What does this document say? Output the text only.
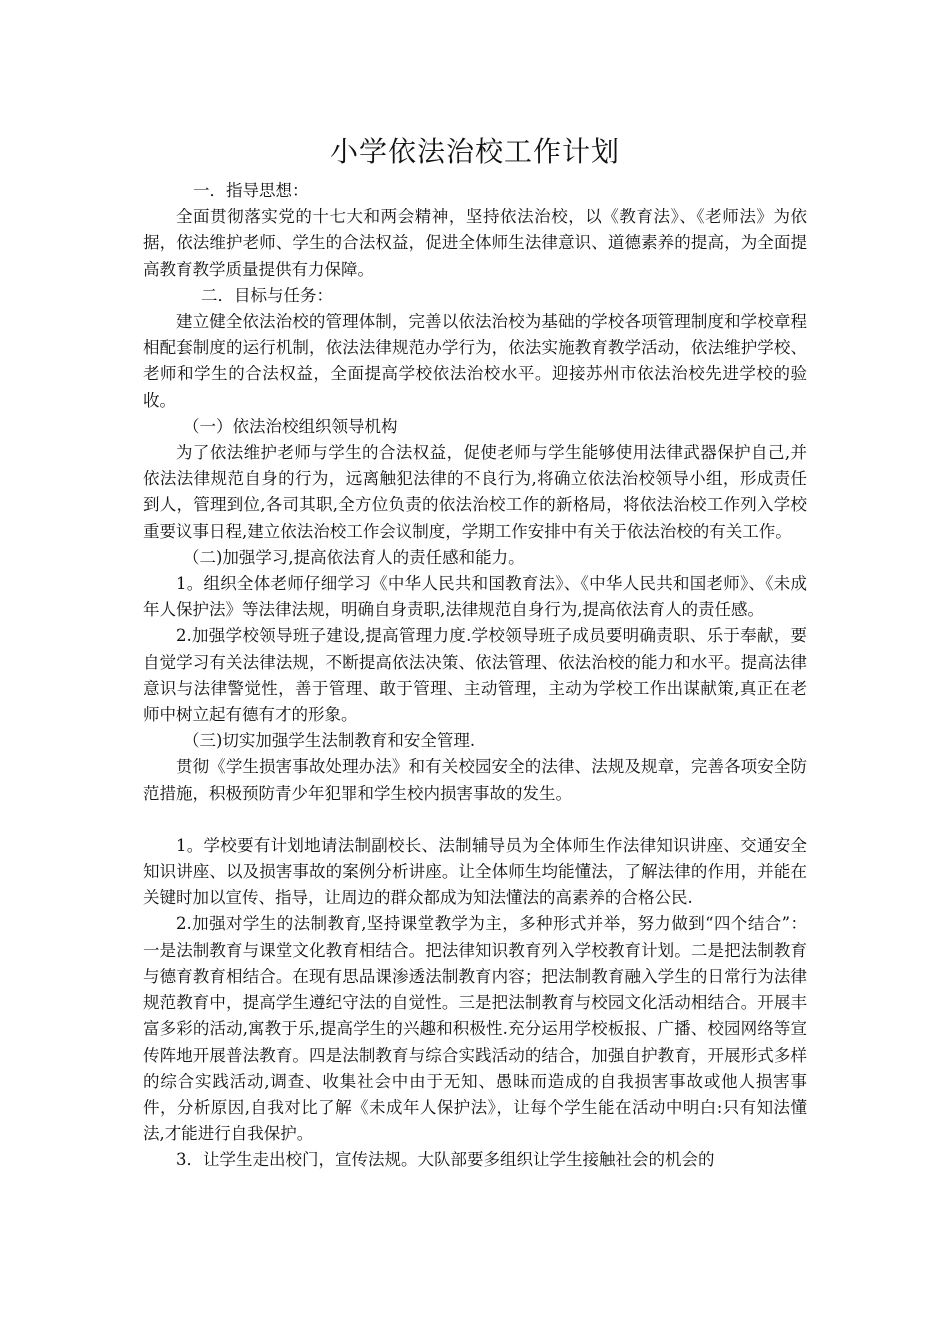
小学依法治校工作计划

一．指导思想：

全面贯彻落实党的十七大和两会精神，坚持依法治校，以《教育法》、《老师法》为依据，依法维护老师、学生的合法权益，促进全体师生法律意识、道德素养的提高，为全面提高教育教学质量提供有力保障。

二．目标与任务：

建立健全依法治校的管理体制，完善以依法治校为基础的学校各项管理制度和学校章程相配套制度的运行机制，依法法律规范办学行为，依法实施教育教学活动，依法维护学校、老师和学生的合法权益，全面提高学校依法治校水平。迎接苏州市依法治校先进学校的验收。

（一）依法治校组织领导机构

为了依法维护老师与学生的合法权益，促使老师与学生能够使用法律武器保护自己,并依法法律规范自身的行为，远离触犯法律的不良行为,将确立依法治校领导小组，形成责任到人，管理到位,各司其职,全方位负责的依法治校工作的新格局，将依法治校工作列入学校重要议事日程,建立依法治校工作会议制度，学期工作安排中有关于依法治校的有关工作。

（二)加强学习,提高依法育人的责任感和能力。

1。组织全体老师仔细学习《中华人民共和国教育法》、《中华人民共和国老师》、《未成年人保护法》等法律法规，明确自身责职,法律规范自身行为,提高依法育人的责任感。

2.加强学校领导班子建设,提高管理力度.学校领导班子成员要明确责职、乐于奉献，要自觉学习有关法律法规，不断提高依法决策、依法管理、依法治校的能力和水平。提高法律意识与法律警觉性，善于管理、敢于管理、主动管理，主动为学校工作出谋献策,真正在老师中树立起有德有才的形象。

（三)切实加强学生法制教育和安全管理.

贯彻《学生损害事故处理办法》和有关校园安全的法律、法规及规章，完善各项安全防范措施，积极预防青少年犯罪和学生校内损害事故的发生。

1。学校要有计划地请法制副校长、法制辅导员为全体师生作法律知识讲座、交通安全知识讲座、以及损害事故的案例分析讲座。让全体师生均能懂法，了解法律的作用，并能在关键时加以宣传、指导，让周边的群众都成为知法懂法的高素养的合格公民.

2.加强对学生的法制教育,坚持课堂教学为主，多种形式并举，努力做到“四个结合”：一是法制教育与课堂文化教育相结合。把法律知识教育列入学校教育计划。二是把法制教育与德育教育相结合。在现有思品课渗透法制教育内容；把法制教育融入学生的日常行为法律规范教育中，提高学生遵纪守法的自觉性。三是把法制教育与校园文化活动相结合。开展丰富多彩的活动,寓教于乐,提高学生的兴趣和积极性.充分运用学校板报、广播、校园网络等宣传阵地开展普法教育。四是法制教育与综合实践活动的结合，加强自护教育，开展形式多样的综合实践活动,调查、收集社会中由于无知、愚昧而造成的自我损害事故或他人损害事件，分析原因,自我对比了解《未成年人保护法》，让每个学生能在活动中明白:只有知法懂法,才能进行自我保护。

3．让学生走出校门，宣传法规。大队部要多组织让学生接触社会的机会的
